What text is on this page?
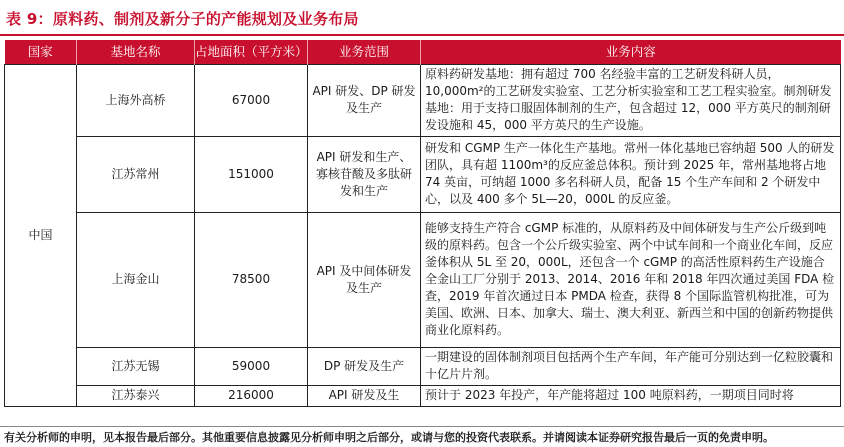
表 9：原料药、制剂及新分子的产能规划及业务布局
国家	基地名称	占地面积（平方米）	业务范围	业务内容
中国	上海外高桥	67000	API 研发、DP 研发及生产	原料药研发基地：拥有超过 700 名经验丰富的工艺研发科研人员，10,000m²的工艺研发实验室、工艺分析实验室和工艺工程实验室。制剂研发基地：用于支持口服固体制剂的生产，包含超过 12，000 平方英尺的制剂研发设施和 45，000 平方英尺的生产设施。
	江苏常州	151000	API 研发和生产、寡核苷酸及多肽研发和生产	研发和 CGMP 生产一体化生产基地。常州一体化基地已容纳超 500 人的研发团队，具有超 1100m³的反应釜总体积。预计到 2025 年，常州基地将占地 74 英亩，可纳超 1000 多名科研人员，配备 15 个生产车间和 2 个研发中心，以及 400 多个 5L—20，000L 的反应釜。
	上海金山	78500	API 及中间体研发及生产	能够支持生产符合 cGMP 标准的，从原料药及中间体研发与生产公斤级到吨级的原料药。包含一个公斤级实验室、两个中试车间和一个商业化车间，反应釜体积从 5L 至 20，000L，还包含一个 cGMP 的高活性原料药生产设施合全金山工厂分别于 2013、2014、2016 年和 2018 年四次通过美国 FDA 检查，2019 年首次通过日本 PMDA 检查，获得 8 个国际监管机构批准，可为美国、欧洲、日本、加拿大、瑞士、澳大利亚、新西兰和中国的创新药物提供商业化原料药。
	江苏无锡	59000	DP 研发及生产	一期建设的固体制剂项目包括两个生产车间，年产能可分别达到一亿粒胶囊和十亿片片剂。
	江苏泰兴	216000	API 研发及生	预计于 2023 年投产，年产能将超过 100 吨原料药，一期项目同时将
有关分析师的申明，见本报告最后部分。其他重要信息披露见分析师申明之后部分，或请与您的投资代表联系。并请阅读本证券研究报告最后一页的免责申明。
